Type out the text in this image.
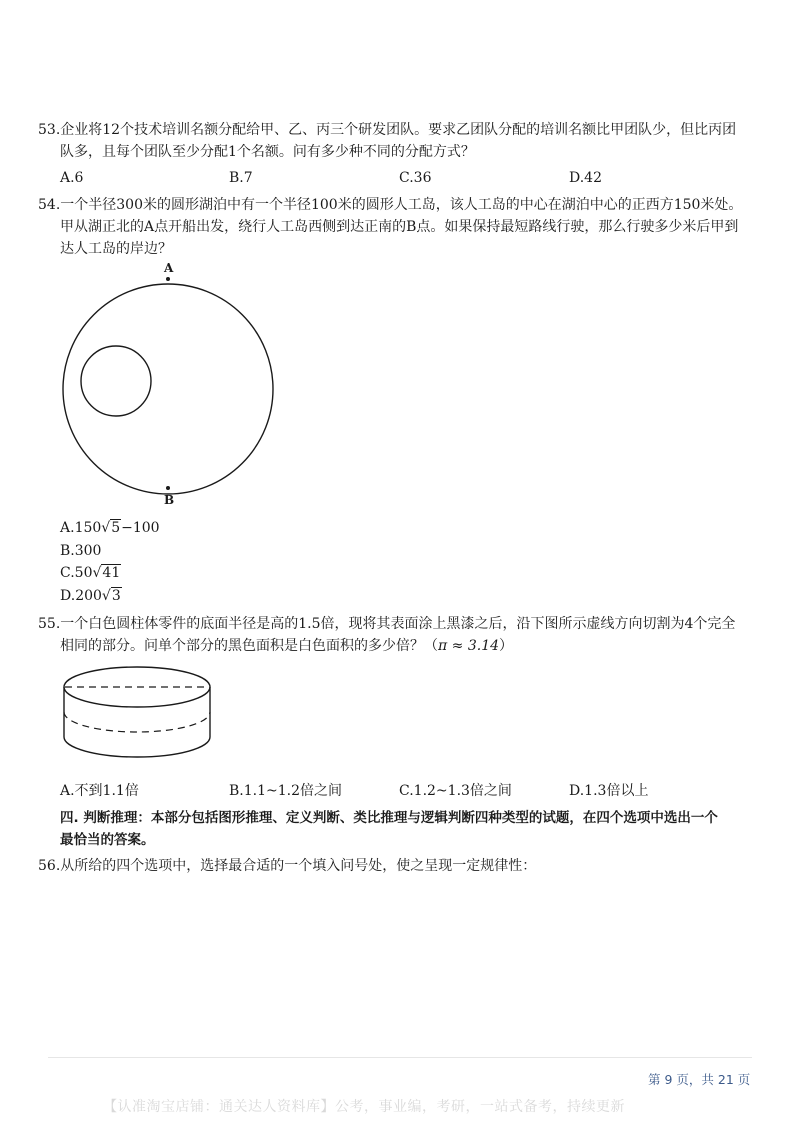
53.企业将12个技术培训名额分配给甲、乙、丙三个研发团队。要求乙团队分配的培训名额比甲团队少，但比丙团
队多，且每个团队至少分配1个名额。问有多少种不同的分配方式？
A.6	B.7	C.36	D.42
54.一个半径300米的圆形湖泊中有一个半径100米的圆形人工岛，该人工岛的中心在湖泊中心的正西方150米处。
甲从湖正北的A点开船出发，绕行人工岛西侧到达正南的B点。如果保持最短路线行驶，那么行驶多少米后甲到
达人工岛的岸边？
A
B
A.150√5−100
B.300
C.50√41
D.200√3
55.一个白色圆柱体零件的底面半径是高的1.5倍，现将其表面涂上黑漆之后，沿下图所示虚线方向切割为4个完全
相同的部分。问单个部分的黑色面积是白色面积的多少倍？（π ≈ 3.14）
A.不到1.1倍	B.1.1~1.2倍之间	C.1.2~1.3倍之间	D.1.3倍以上
四. 判断推理：本部分包括图形推理、定义判断、类比推理与逻辑判断四种类型的试题，在四个选项中选出一个
最恰当的答案。
56.从所给的四个选项中，选择最合适的一个填入问号处，使之呈现一定规律性：
第 9 页，共 21 页
【认准淘宝店铺：通关达人资料库】公考，事业编，考研，一站式备考，持续更新
